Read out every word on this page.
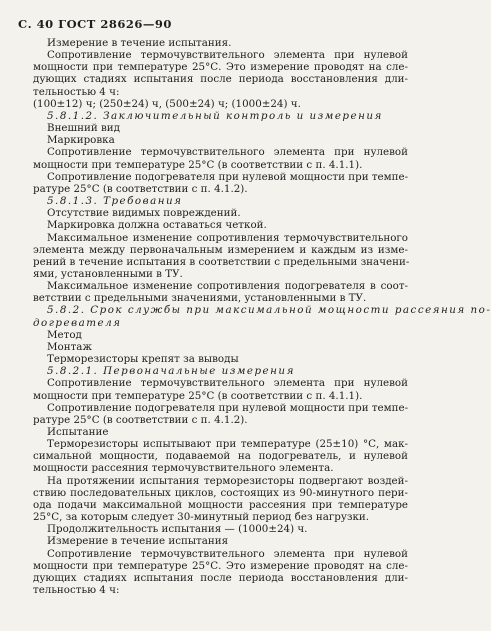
С. 40 ГОСТ 28626—90
Измерение в течение испытания.
Сопротивление термочувствительного элемента при нулевой
мощности при температуре 25°С. Это измерение проводят на сле-
дующих стадиях испытания после периода восстановления дли-
тельностью 4 ч:
(100±12) ч; (250±24) ч, (500±24) ч; (1000±24) ч.
5.8.1.2. Заключительный контроль и измерения
Внешний вид
Маркировка
Сопротивление термочувствительного элемента при нулевой
мощности при температуре 25°С (в соответствии с п. 4.1.1).
Сопротивление подогревателя при нулевой мощности при темпе-
ратуре 25°С (в соответствии с п. 4.1.2).
5.8.1.3. Требования
Отсутствие видимых повреждений.
Маркировка должна оставаться четкой.
Максимальное изменение сопротивления термочувствительного
элемента между первоначальным измерением и каждым из изме-
рений в течение испытания в соответствии с предельными значени-
ями, установленными в ТУ.
Максимальное изменение сопротивления подогревателя в соот-
ветствии с предельными значениями, установленными в ТУ.
5.8.2. Срок службы при максимальной мощности рассеяния по-
догревателя
Метод
Монтаж
Терморезисторы крепят за выводы
5.8.2.1. Первоначальные измерения
Сопротивление термочувствительного элемента при нулевой
мощности при температуре 25°С (в соответствии с п. 4.1.1).
Сопротивление подогревателя при нулевой мощности при темпе-
ратуре 25°С (в соответствии с п. 4.1.2).
Испытание
Терморезисторы испытывают при температуре (25±10) °С, мак-
симальной мощности, подаваемой на подогреватель, и нулевой
мощности рассеяния термочувствительного элемента.
На протяжении испытания терморезисторы подвергают воздей-
ствию последовательных циклов, состоящих из 90-минутного пери-
ода подачи максимальной мощности рассеяния при температуре
25°С, за которым следует 30-минутный период без нагрузки.
Продолжительность испытания — (1000±24) ч.
Измерение в течение испытания
Сопротивление термочувствительного элемента при нулевой
мощности при температуре 25°С. Это измерение проводят на сле-
дующих стадиях испытания после периода восстановления дли-
тельностью 4 ч:
